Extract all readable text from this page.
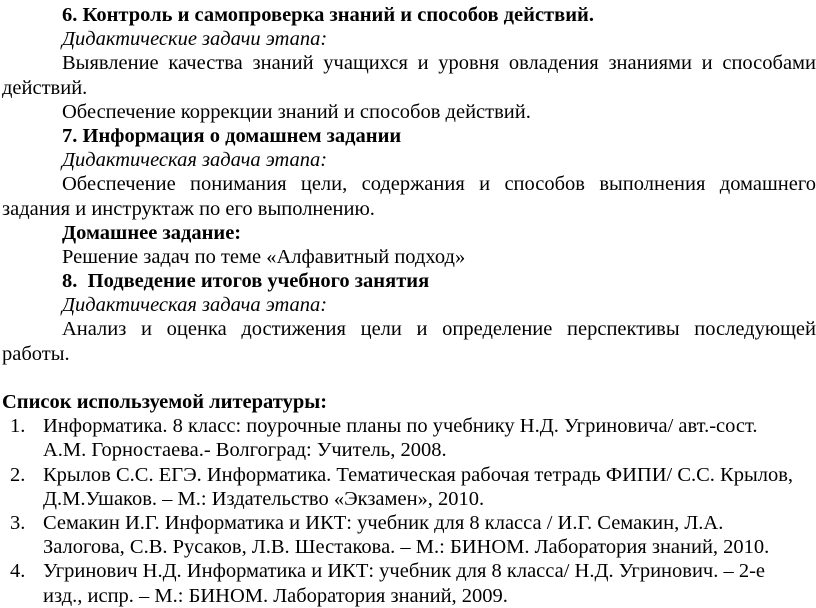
6. Контроль и самопроверка знаний и способов действий.
Дидактические задачи этапа:
Выявление качества знаний учащихся и уровня овладения знаниями и способами
действий.
Обеспечение коррекции знаний и способов действий.
7. Информация о домашнем задании
Дидактическая задача этапа:
Обеспечение понимания цели, содержания и способов выполнения домашнего
задания и инструктаж по его выполнению.
Домашнее задание:
Решение задач по теме «Алфавитный подход»
8.  Подведение итогов учебного занятия
Дидактическая задача этапа:
Анализ и оценка достижения цели и определение перспективы последующей
работы.
Список используемой литературы:
1. Информатика. 8 класс: поурочные планы по учебнику Н.Д. Угриновича/ авт.-сост.
А.М. Горностаева.- Волгоград: Учитель, 2008.
2. Крылов С.С. ЕГЭ. Информатика. Тематическая рабочая тетрадь ФИПИ/ С.С. Крылов,
Д.М.Ушаков. – М.: Издательство «Экзамен», 2010.
3. Семакин И.Г. Информатика и ИКТ: учебник для 8 класса / И.Г. Семакин, Л.А.
Залогова, С.В. Русаков, Л.В. Шестакова. – М.: БИНОМ. Лаборатория знаний, 2010.
4. Угринович Н.Д. Информатика и ИКТ: учебник для 8 класса/ Н.Д. Угринович. – 2-е
изд., испр. – М.: БИНОМ. Лаборатория знаний, 2009.
